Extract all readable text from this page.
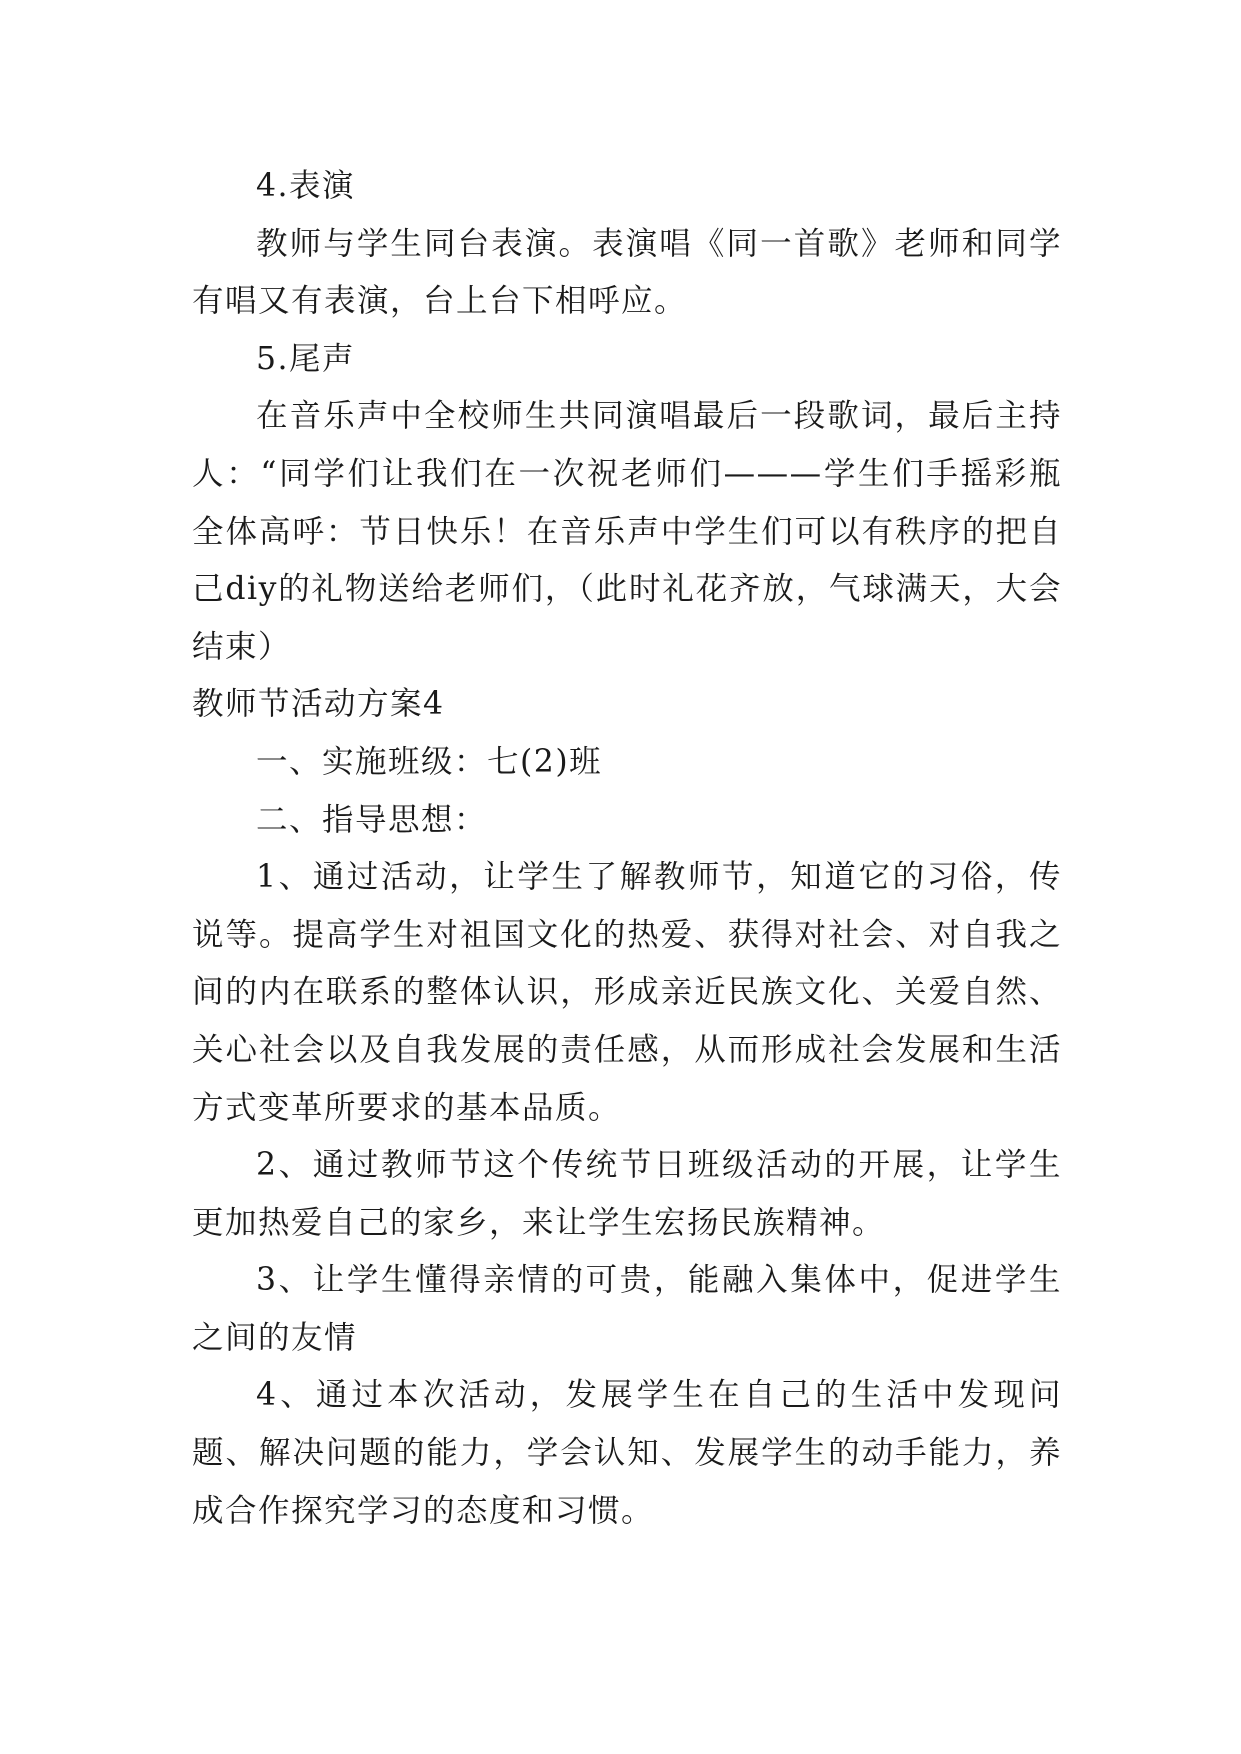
4.表演

教师与学生同台表演。表演唱《同一首歌》老师和同学有唱又有表演，台上台下相呼应。

5.尾声

在音乐声中全校师生共同演唱最后一段歌词，最后主持人：“同学们让我们在一次祝老师们———学生们手摇彩瓶全体高呼：节日快乐！在音乐声中学生们可以有秩序的把自己diy的礼物送给老师们，（此时礼花齐放，气球满天，大会结束）

教师节活动方案4

一、实施班级：七(2)班

二、指导思想：

1、通过活动，让学生了解教师节，知道它的习俗，传说等。提高学生对祖国文化的热爱、获得对社会、对自我之间的内在联系的整体认识，形成亲近民族文化、关爱自然、关心社会以及自我发展的责任感，从而形成社会发展和生活方式变革所要求的基本品质。

2、通过教师节这个传统节日班级活动的开展，让学生更加热爱自己的家乡，来让学生宏扬民族精神。

3、让学生懂得亲情的可贵，能融入集体中，促进学生之间的友情

4、通过本次活动，发展学生在自己的生活中发现问题、解决问题的能力，学会认知、发展学生的动手能力，养成合作探究学习的态度和习惯。
